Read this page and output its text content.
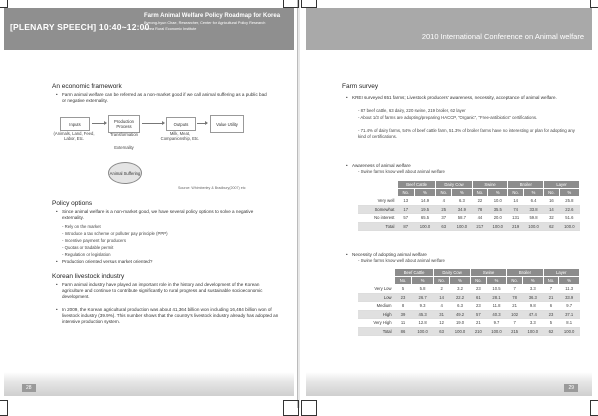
[PLENARY SPEECH] 10:40~12:00
Farm Animal Welfare Policy Roadmap for Korea
Byeong-hyun Chae, Researcher, Center for Agricultural Policy Research
Korea Rural Economic Institute
An economic framework
• Farm animal welfare can be referred as a non-market good if we call animal suffering as a public bad or negative externality.
Inputs
(Animals, Land, Feed, Labor, Etc.
Production Process
Transformation
Outputs
Milk, Meat, Companionship, Etc.
Value Utility
Externality
Animal Suffering
Source: Whimberley & Bradbury(2007) etc
Policy options
• Since animal welfare is a non-market good, we have several policy options to solve a negative externality.
- Rely on the market
- Introduce a tax scheme or polluter pay principle (PPP)
- Incentive payment for producers
- Quotas or tradable permit
- Regulation or legislation
• Production oriented versus market oriented?
Korean livestock industry
• Farm animal industry have played an important role in the history and development of the Korean agriculture and continue to contribute significantly to rural progress and sustainable socioeconomic development.
• In 2009, the Korean agricultural production was about 41,364 billion won including 16,484 billion won of livestock industry (39.9%). This number shows that the country's livestock industry already has adopted an intensive production system.
28
2010 International Conference on Animal welfare
Farm survey
• KREI surveyed 651 farms; Livestock producers' awareness, necessity, acceptance of animal welfare.
- 87 beef cattle, 63 dairy, 220 swine, 219 broiler, 62 layer
- About 1/3 of farms are adopting/preparing HACCP, "Organic", "Free-antibiotics" certifications.
- 71.4% of dairy farms, 54% of beef cattle farm, 51.3% of broiler farms have no interesting or plan for adopting any kind of certifications.
• Awareness of animal welfare
- Swine farms know well about animal welfare
	Beef Cattle		Dairy Cow		Swine		Broiler		Layer	
	No.	%	No.	%	No.	%	No.	%	No.	%
Very well	13	14.9	4	6.3	22	10.0	14	6.4	16	25.8
Somewhat	17	19.5	25	34.9	78	35.5	74	33.8	14	22.6
No interest	57	65.5	37	58.7	44	20.0	131	59.8	32	51.6
Total	87	100.0	63	100.0	217	100.0	219	100.0	62	100.0
• Necessity of adopting animal welfare
- Swine farms know well about animal welfare
	Beef Cattle		Dairy Cow		Swine		Broiler		Layer	
	No.	%	No.	%	No.	%	No.	%	No.	%
Very Low	5	5.8	2	3.2	23	10.5	7	3.3	7	11.3
Low	23	26.7	14	22.2	61	28.1	78	36.3	21	33.9
Medium	8	9.3	4	6.3	23	11.8	21	9.8	6	9.7
High	39	45.3	31	49.2	57	40.3	102	47.4	23	37.1
Very High	11	12.8	12	19.0	21	9.7	7	3.3	5	8.1
Total	86	100.0	63	100.0	210	100.0	215	100.0	62	100.0
29
